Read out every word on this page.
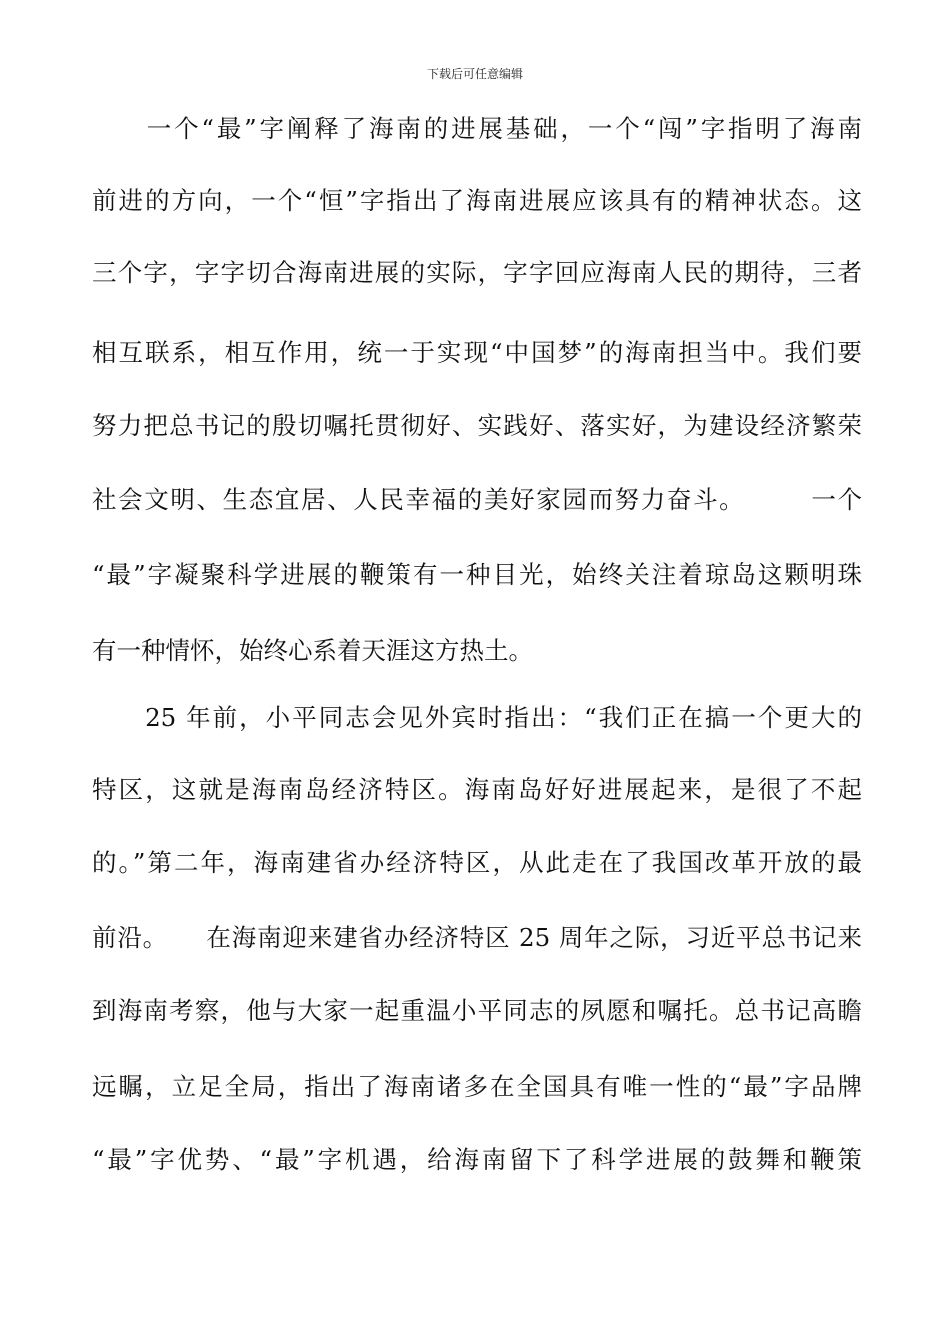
下载后可任意编辑
　　一个“最”字阐释了海南的进展基础，一个“闯”字指明了海南
前进的方向，一个“恒”字指出了海南进展应该具有的精神状态。这
三个字，字字切合海南进展的实际，字字回应海南人民的期待，三者
相互联系，相互作用，统一于实现“中国梦”的海南担当中。我们要
努力把总书记的殷切嘱托贯彻好、实践好、落实好，为建设经济繁荣
社会文明、生态宜居、人民幸福的美好家园而努力奋斗。　　　一个
“最”字凝聚科学进展的鞭策有一种目光，始终关注着琼岛这颗明珠
有一种情怀，始终心系着天涯这方热土。
　　25 年前，小平同志会见外宾时指出：“我们正在搞一个更大的
特区，这就是海南岛经济特区。海南岛好好进展起来，是很了不起
的。”第二年，海南建省办经济特区，从此走在了我国改革开放的最
前沿。　　在海南迎来建省办经济特区 25 周年之际，习近平总书记来
到海南考察，他与大家一起重温小平同志的夙愿和嘱托。总书记高瞻
远瞩，立足全局，指出了海南诸多在全国具有唯一性的“最”字品牌
“最”字优势、“最”字机遇，给海南留下了科学进展的鼓舞和鞭策
